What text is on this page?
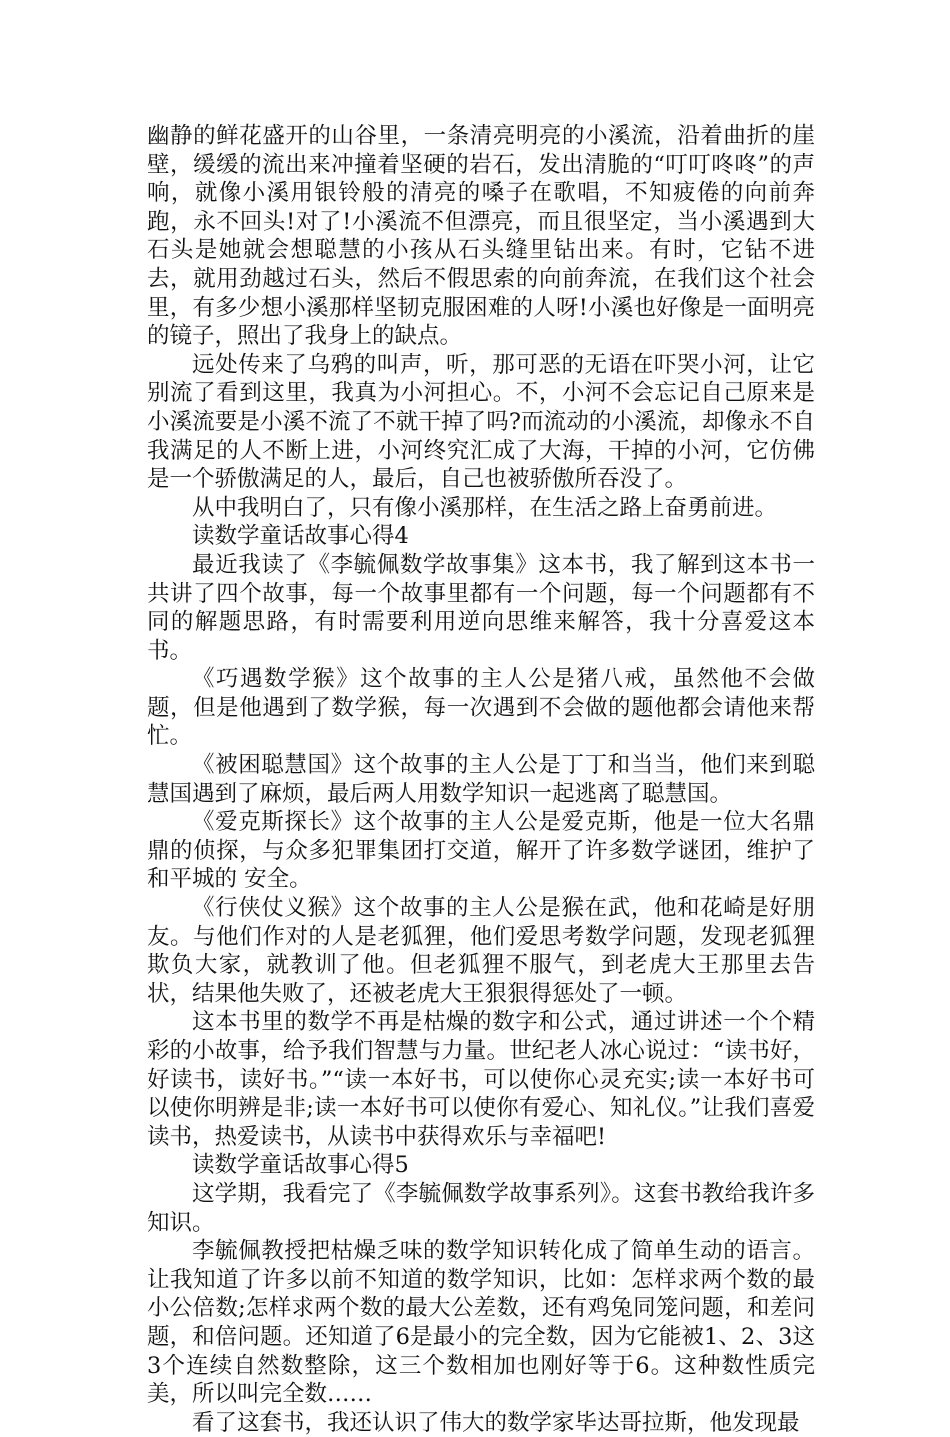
幽静的鲜花盛开的山谷里，一条清亮明亮的小溪流，沿着曲折的崖壁，缓缓的流出来冲撞着坚硬的岩石，发出清脆的“叮叮咚咚”的声响，就像小溪用银铃般的清亮的嗓子在歌唱，不知疲倦的向前奔跑，永不回头!对了!小溪流不但漂亮，而且很坚定，当小溪遇到大石头是她就会想聪慧的小孩从石头缝里钻出来。有时，它钻不进去，就用劲越过石头，然后不假思索的向前奔流，在我们这个社会里，有多少想小溪那样坚韧克服困难的人呀!小溪也好像是一面明亮的镜子，照出了我身上的缺点。

远处传来了乌鸦的叫声，听，那可恶的无语在吓哭小河，让它别流了看到这里，我真为小河担心。不，小河不会忘记自己原来是小溪流要是小溪不流了不就干掉了吗?而流动的小溪流，却像永不自我满足的人不断上进，小河终究汇成了大海，干掉的小河，它仿佛是一个骄傲满足的人，最后，自己也被骄傲所吞没了。

从中我明白了，只有像小溪那样，在生活之路上奋勇前进。

读数学童话故事心得4

最近我读了《李毓佩数学故事集》这本书，我了解到这本书一共讲了四个故事，每一个故事里都有一个问题，每一个问题都有不同的解题思路，有时需要利用逆向思维来解答，我十分喜爱这本书。

《巧遇数学猴》这个故事的主人公是猪八戒，虽然他不会做题，但是他遇到了数学猴，每一次遇到不会做的题他都会请他来帮忙。

《被困聪慧国》这个故事的主人公是丁丁和当当，他们来到聪慧国遇到了麻烦，最后两人用数学知识一起逃离了聪慧国。

《爱克斯探长》这个故事的主人公是爱克斯，他是一位大名鼎鼎的侦探，与众多犯罪集团打交道，解开了许多数学谜团，维护了和平城的 安全。

《行侠仗义猴》这个故事的主人公是猴在武，他和花崎是好朋友。与他们作对的人是老狐狸，他们爱思考数学问题，发现老狐狸欺负大家，就教训了他。但老狐狸不服气，到老虎大王那里去告状，结果他失败了，还被老虎大王狠狠得惩处了一顿。

这本书里的数学不再是枯燥的数字和公式，通过讲述一个个精彩的小故事，给予我们智慧与力量。世纪老人冰心说过：“读书好，好读书，读好书。”“读一本好书，可以使你心灵充实;读一本好书可以使你明辨是非;读一本好书可以使你有爱心、知礼仪。”让我们喜爱读书，热爱读书，从读书中获得欢乐与幸福吧!

读数学童话故事心得5

这学期，我看完了《李毓佩数学故事系列》。这套书教给我许多知识。

李毓佩教授把枯燥乏味的数学知识转化成了简单生动的语言。让我知道了许多以前不知道的数学知识，比如：怎样求两个数的最小公倍数;怎样求两个数的最大公差数，还有鸡兔同笼问题，和差问题，和倍问题。还知道了6是最小的完全数，因为它能被1、2、3这3个连续自然数整除，这三个数相加也刚好等于6。这种数性质完美，所以叫完全数……

看了这套书，我还认识了伟大的数学家毕达哥拉斯，他发现最
